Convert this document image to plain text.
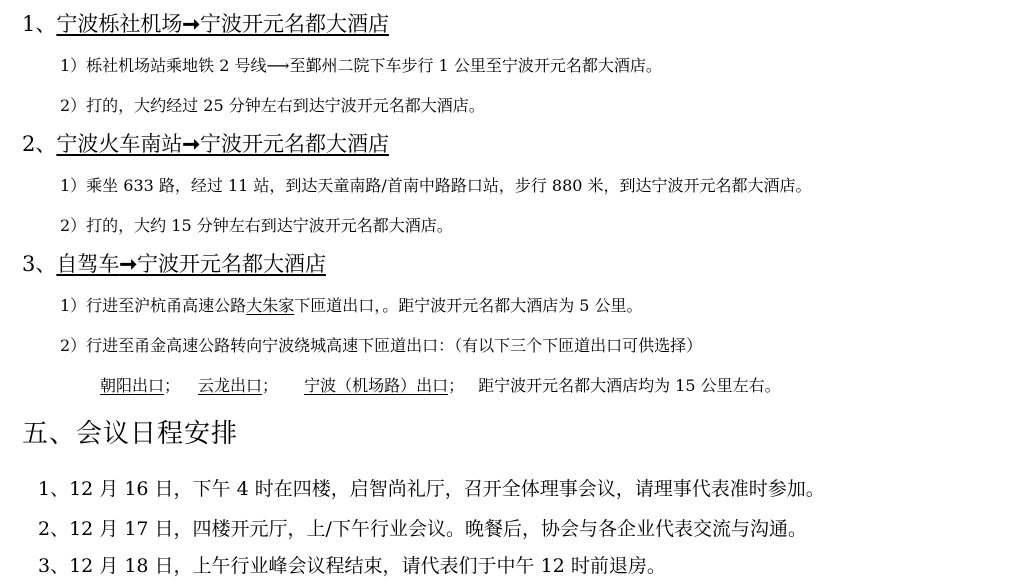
1、宁波栎社机场➞宁波开元名都大酒店
1）栎社机场站乘地铁 2 号线⟶至鄞州二院下车步行 1 公里至宁波开元名都大酒店。
2）打的，大约经过 25 分钟左右到达宁波开元名都大酒店。
2、宁波火车南站➞宁波开元名都大酒店
1）乘坐 633 路，经过 11 站，到达天童南路/首南中路路口站，步行 880 米，到达宁波开元名都大酒店。
2）打的，大约 15 分钟左右到达宁波开元名都大酒店。
3、自驾车➞宁波开元名都大酒店
1）行进至沪杭甬高速公路大朱家下匝道出口，。距宁波开元名都大酒店为 5 公里。
2）行进至甬金高速公路转向宁波绕城高速下匝道出口：（有以下三个下匝道出口可供选择）
朝阳出口； 云龙出口； 宁波（机场路）出口； 距宁波开元名都大酒店均为 15 公里左右。
五、会议日程安排
1、12 月 16 日，下午 4 时在四楼，启智尚礼厅，召开全体理事会议，请理事代表准时参加。
2、12 月 17 日，四楼开元厅，上/下午行业会议。晚餐后，协会与各企业代表交流与沟通。
3、12 月 18 日，上午行业峰会议程结束，请代表们于中午 12 时前退房。
